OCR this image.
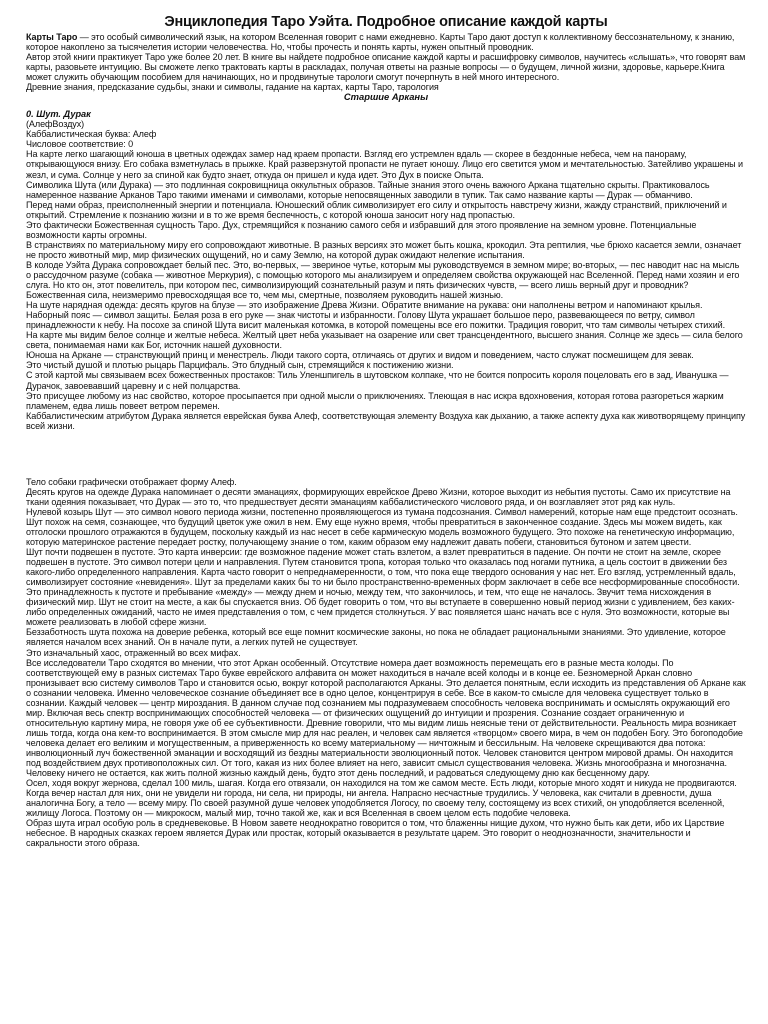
Энциклопедия Таро Уэйта. Подробное описание каждой карты

Карты Таро — это особый символический язык, на котором Вселенная говорит с нами ежедневно. Карты Таро дают доступ к коллективному бессознательному, к знанию, которое накоплено за тысячелетия истории человечества. Но, чтобы прочесть и понять карты, нужен опытный проводник.

Автор этой книги практикует Таро уже более 20 лет. В книге вы найдете подробное описание каждой карты и расшифровку символов, научитесь «слышать», что говорят вам карты, разовьете интуицию. Вы сможете легко трактовать карты в раскладах, получая ответы на разные вопросы — о будущем, личной жизни, здоровье, карьере.Книга может служить обучающим пособием для начинающих, но и продвинутые тарологи смогут почерпнуть в ней много интересного.

Древние знания, предсказание судьбы, знаки и символы, гадание на картах, карты Таро, тарология

Старшие Арканы

0. Шут. Дурак

(АлефВоздух)

Каббалистическая буква: Алеф

Числовое соответствие: 0

На карте легко шагающий юноша в цветных одеждах замер над краем пропасти. Взгляд его устремлен вдаль — скорее в бездонные небеса, чем на панораму, открывающуюся внизу. Его собака взметнулась в прыжке. Край разверзнутой пропасти не пугает юношу. Лицо его светится умом и мечтательностью. Затейливо украшены и жезл, и сума. Солнце у него за спиной как будто знает, откуда он пришел и куда идет. Это Дух в поиске Опыта.

Символика Шута (или Дурака) — это подлинная сокровищница оккультных образов. Тайные знания этого очень важного Аркана тщательно скрыты. Практиковалось намеренное название Арканов Таро такими именами и символами, которые непосвященных заводили в тупик. Так само название карты — Дурак — обманчиво.

Перед нами образ, преисполненный энергии и потенциала. Юношеский облик символизирует его силу и открытость навстречу жизни, жажду странствий, приключений и открытий. Стремление к познанию жизни и в то же время беспечность, с которой юноша заносит ногу над пропастью.

Это фактически Божественная сущность Таро. Дух, стремящийся к познанию самого себя и избравший для этого проявление на земном уровне. Потенциальные возможности карты огромны.

В странствиях по материальному миру его сопровождают животные. В разных версиях это может быть кошка, крокодил. Эта рептилия, чье брюхо касается земли, означает не просто животный мир, мир физических ощущений, но и саму Землю, на которой дурак ожидают нелегкие испытания.

В колоде Уэйта Дурака сопровождает белый пес. Это, во-первых, — звериное чутье, которым мы руководствуемся в земном мире; во-вторых, — пес наводит нас на мысль о рассудочном разуме (собака — животное Меркурия), с помощью которого мы анализируем и определяем свойства окружающей нас Вселенной. Перед нами хозяин и его слуга. Но кто он, этот повелитель, при котором пес, символизирующий сознательный разум и пять физических чувств, — всего лишь верный друг и проводник? Божественная сила, неизмеримо превосходящая все то, чем мы, смертные, позволяем руководить нашей жизнью.

На шуте нарядная одежда: десять кругов на блузе — это изображение Древа Жизни. Обратите внимание на рукава: они наполнены ветром и напоминают крылья. Наборный пояс — символ защиты. Белая роза в его руке — знак чистоты и избранности. Голову Шута украшает большое перо, развевающееся по ветру, символ принадлежности к небу. На посохе за спиной Шута висит маленькая котомка, в которой помещены все его пожитки. Традиция говорит, что там символы четырех стихий.

На карте мы видим белое солнце и желтые небеса. Желтый цвет неба указывает на озарение или свет трансцендентного, высшего знания. Солнце же здесь — сила белого света, понимаемая нами как Бог, источник нашей духовности.

Юноша на Аркане — странствующий принц и менестрель. Люди такого сорта, отличаясь от других и видом и поведением, часто служат посмешищем для зевак.

Это чистый душой и плотью рыцарь Парцифаль. Это блудный сын, стремящийся к постижению жизни.

С этой картой мы связываем всех божественных простаков: Тиль Уленшпигель в шутовском колпаке, что не боится попросить короля поцеловать его в зад, Иванушка — Дурачок, завоевавший царевну и с ней полцарства.

Это присущее любому из нас свойство, которое просыпается при одной мысли о приключениях. Тлеющая в нас искра вдохновения, которая готова разгореться жарким пламенем, едва лишь повеет ветром перемен.

Каббалистическим атрибутом Дурака является еврейская буква Алеф, соответствующая элементу Воздуха как дыханию, а также аспекту духа как животворящему принципу всей жизни.

Тело собаки графически отображает форму Алеф.

Десять кругов на одежде Дурака напоминает о десяти эманациях, формирующих еврейское Древо Жизни, которое выходит из небытия пустоты. Само их присутствие на ткани одеяния показывает, что Дурак — это то, что предшествует десяти эманациям каббалистического числового ряда, и он возглавляет этот ряд как нуль.

Нулевой козырь Шут — это символ нового периода жизни, постепенно проявляющегося из тумана подсознания. Символ намерений, которые нам еще предстоит осознать. Шут похож на семя, сознающее, что будущий цветок уже ожил в нем. Ему еще нужно время, чтобы превратиться в законченное создание. Здесь мы можем видеть, как отголоски прошлого отражаются в будущем, поскольку каждый из нас несет в себе кармическую модель возможного будущего. Это похоже на генетическую информацию, которую материнское растение передает ростку, получающему знание о том, каким образом ему надлежит давать побеги, становиться бутоном и затем цвести.

Шут почти подвешен в пустоте. Это карта инверсии: где возможное падение может стать взлетом, а взлет превратиться в падение. Он почти не стоит на земле, скорее подвешен в пустоте. Это символ потери цели и направления. Путем становится тропа, которая только что оказалась под ногами путника, а цель состоит в движении без какого-либо определенного направления. Карта часто говорит о непреднамеренности, о том, что пока еще твердого основания у нас нет. Его взгляд, устремленный вдаль, символизирует состояние «невидения». Шут за пределами каких бы то ни было пространственно-временных форм заключает в себе все несформированные способности.

Это принадлежность к пустоте и пребывание «между» — между днем и ночью, между тем, что закончилось, и тем, что еще не началось. Звучит тема нисхождения в физический мир. Шут не стоит на месте, а как бы спускается вниз. Об будет говорить о том, что вы вступаете в совершенно новый период жизни с удивлением, без каких-либо определенных ожиданий, часто не имея представления о том, с чем придется столкнуться. У вас появляется шанс начать все с нуля. Это возможности, которые вы можете реализовать в любой сфере жизни.

Беззаботность шута похожа на доверие ребенка, который все еще помнит космические законы, но пока не обладает рациональными знаниями. Это удивление, которое является началом всех знаний. Он в начале пути, а легких путей не существует.

Это изначальный хаос, отраженный во всех мифах.

Все исследователи Таро сходятся во мнении, что этот Аркан особенный. Отсутствие номера дает возможность перемещать его в разные места колоды. По соответствующей ему в разных системах Таро букве еврейского алфавита он может находиться в начале всей колоды и в конце ее. Безномерной Аркан словно пронизывает всю систему символов Таро и становится осью, вокруг которой располагаются Арканы. Это делается понятным, если исходить из представления об Аркане как о сознании человека. Именно человеческое сознание объединяет все в одно целое, концентрируя в себе. Все в каком-то смысле для человека существует только в сознании. Каждый человек — центр мироздания. В данном случае под сознанием мы подразумеваем способность человека воспринимать и осмыслять окружающий его мир. Включая весь спектр воспринимающих способностей человека — от физических ощущений до интуиции и прозрения. Сознание создает ограниченную и относительную картину мира, не говоря уже об ее субъективности. Древние говорили, что мы видим лишь неясные тени от действительности. Реальность мира возникает лишь тогда, когда она кем-то воспринимается. В этом смысле мир для нас реален, и человек сам является «творцом» своего мира, в чем он подобен Богу. Это богоподобие человека делает его великим и могущественным, а приверженность ко всему материальному — ничтожным и бессильным. На человеке скрещиваются два потока: инволюционный луч божественной эманации и восходящий из бездны материальности эволюционный поток. Человек становится центром мировой драмы. Он находится под воздействием двух противоположных сил. От того, какая из них более влияет на него, зависит смысл существования человека. Жизнь многообразна и многозначна. Человеку ничего не остается, как жить полной жизнью каждый день, будто этот день последний, и радоваться следующему дню как бесценному дару.

Осел, ходя вокруг жернова, сделал 100 миль, шагая. Когда его отвязали, он находился на том же самом месте. Есть люди, которые много ходят и никуда не продвигаются. Когда вечер настал для них, они не увидели ни города, ни села, ни природы, ни ангела. Напрасно несчастные трудились. У человека, как считали в древности, душа аналогична Богу, а тело — всему миру. По своей разумной душе человек уподобляется Логосу, по своему телу, состоящему из всех стихий, он уподобляется вселенной, жилищу Логоса. Поэтому он — микрокосм, малый мир, точно такой же, как и вся Вселенная в своем целом есть подобие человека.

Образ шута играл особую роль в средневековье. В Новом завете неоднократно говорится о том, что блаженны нищие духом, что нужно быть как дети, ибо их Царствие небесное. В народных сказках героем является Дурак или простак, который оказывается в результате царем. Это говорит о неоднозначности, значительности и сакральности этого образа.
